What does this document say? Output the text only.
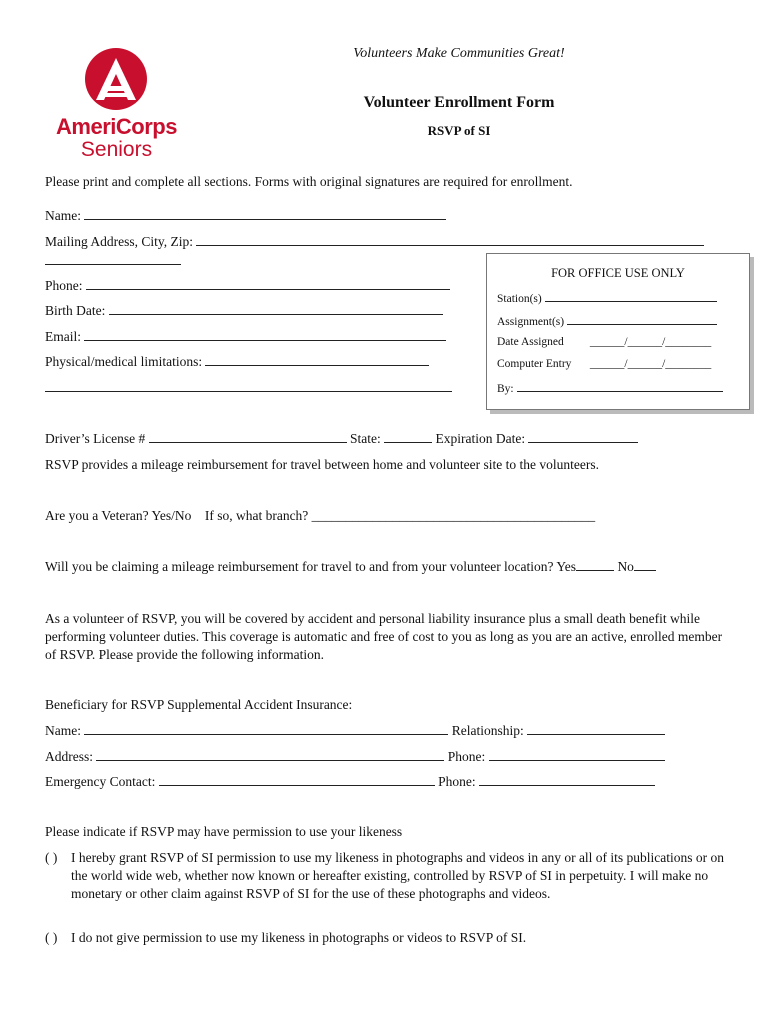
AmeriCorps
Seniors
Volunteers Make Communities Great!
Volunteer Enrollment Form
RSVP of SI
Please print and complete all sections. Forms with original signatures are required for enrollment.
Name:
Mailing Address, City, Zip:
Phone:
Birth Date:
Email:
Physical/medical limitations:
FOR OFFICE USE ONLY
Station(s)
Assignment(s)
Date Assigned ______/______/________
Computer Entry ______/______/________
By:
Driver’s License #	State:	Expiration Date:
RSVP provides a mileage reimbursement for travel between home and volunteer site to the volunteers.
Are you a Veteran? Yes/No    If so, what branch? __________________________________________
Will you be claiming a mileage reimbursement for travel to and from your volunteer location? Yes	No
As a volunteer of RSVP, you will be covered by accident and personal liability insurance plus a small death benefit while performing volunteer duties. This coverage is automatic and free of cost to you as long as you are an active, enrolled member of RSVP. Please provide the following information.
Beneficiary for RSVP Supplemental Accident Insurance:
Name:	Relationship:
Address:	Phone:
Emergency Contact:	Phone:
Please indicate if RSVP may have permission to use your likeness
( ) I hereby grant RSVP of SI permission to use my likeness in photographs and videos in any or all of its publications or on the world wide web, whether now known or hereafter existing, controlled by RSVP of SI in perpetuity. I will make no monetary or other claim against RSVP of SI for the use of these photographs and videos.
( ) I do not give permission to use my likeness in photographs or videos to RSVP of SI.
